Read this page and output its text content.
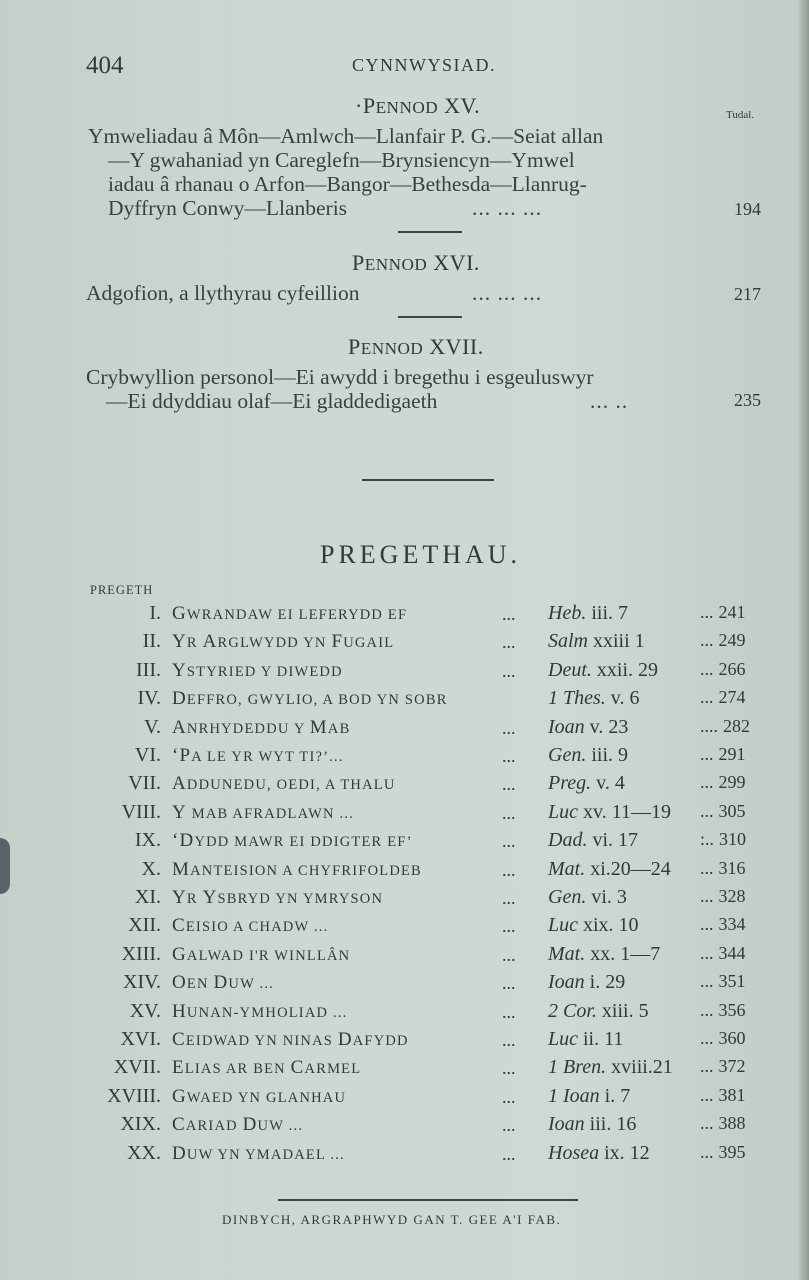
404	CYNNWYSIAD.
Tudal.
·PENNOD XV.
Ymweliadau â Môn—Amlwch—Llanfair P. G.—Seiat allan
—Y gwahaniad yn Careglefn—Brynsiencyn—Ymwel
iadau â rhanau o Arfon—Bangor—Bethesda—Llanrug-
Dyffryn Conwy—Llanberis	... ... ...	194
PENNOD XVI.
Adgofion, a llythyrau cyfeillion	... ... ...	217
PENNOD XVII.
Crybwyllion personol—Ei awydd i bregethu i esgeuluswyr
—Ei ddyddiau olaf—Ei gladdedigaeth	... ..	235
PREGETHAU.
PREGETH
I. GWRANDAW EI LEFERYDD EF	... Heb. iii. 7	... 241
II. YR ARGLWYDD YN FUGAIL	... Salm xxiii 1	... 249
III. YSTYRIED Y DIWEDD	... Deut. xxii. 29 ... 266
IV. DEFFRO, GWYLIO, A BOD YN SOBR	1 Thes. v. 6	... 274
V. ANRHYDEDDU Y MAB	... Ioan v. 23	.... 282
VI. ‘PA LE YR WYT TI?’...	... Gen. iii. 9	... 291
VII. ADDUNEDU, OEDI, A THALU	... Preg. v. 4	... 299
VIII. Y MAB AFRADLAWN ...	... Luc xv. 11—19 ... 305
IX. ‘DYDD MAWR EI DDIGTER EF’	... Dad. vi. 17	:.. 310
X. MANTEISION A CHYFRIFOLDEB	... Mat. xi.20—24 ... 316
XI. YR YSBRYD YN YMRYSON	... Gen. vi. 3	... 328
XII. CEISIO A CHADW ...	... Luc xix. 10	... 334
XIII. GALWAD I'R WINLLÂN	... Mat. xx. 1—7 ... 344
XIV. OEN DUW ...	... Ioan i. 29	... 351
XV. HUNAN-YMHOLIAD ...	... 2 Cor. xiii. 5	... 356
XVI. CEIDWAD YN NINAS DAFYDD	... Luc ii. 11	... 360
XVII. ELIAS AR BEN CARMEL	... 1 Bren. xviii.21 ... 372
XVIII. GWAED YN GLANHAU	... 1 Ioan i. 7	... 381
XIX. CARIAD DUW ...	... Ioan iii. 16	... 388
XX. DUW YN YMADAEL ...	... Hosea ix. 12	... 395
DINBYCH, ARGRAPHWYD GAN T. GEE A'I FAB.
